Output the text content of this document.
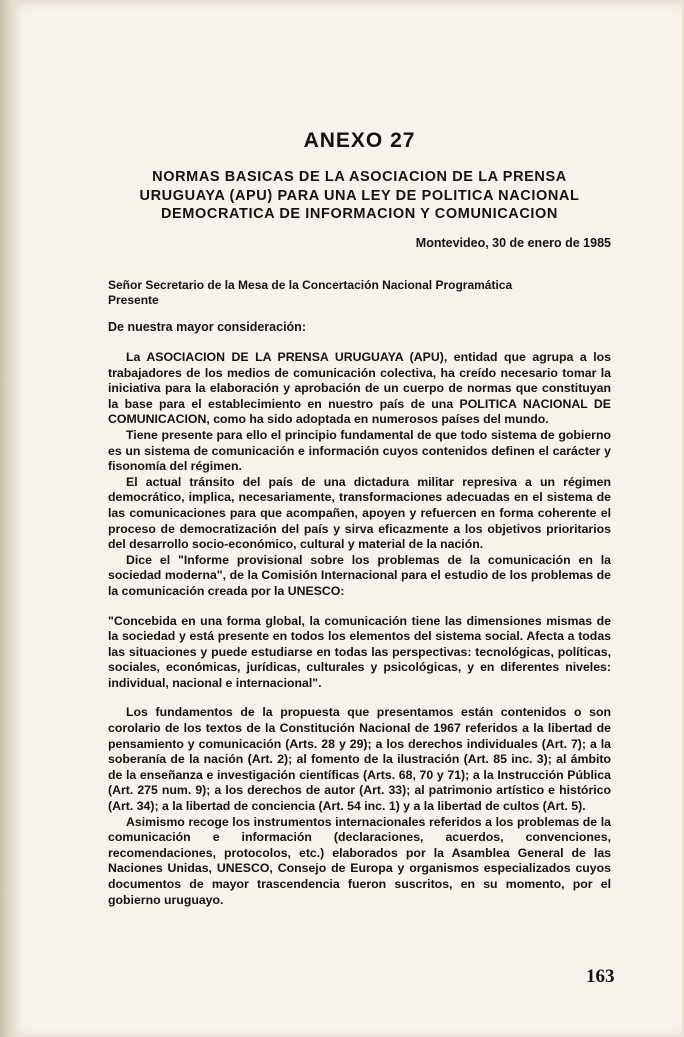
ANEXO 27
NORMAS BASICAS DE LA ASOCIACION DE LA PRENSA
URUGUAYA (APU) PARA UNA LEY DE POLITICA NACIONAL
DEMOCRATICA DE INFORMACION Y COMUNICACION

Montevideo, 30 de enero de 1985

Señor Secretario de la Mesa de la Concertación Nacional Programática
Presente

De nuestra mayor consideración:

La ASOCIACION DE LA PRENSA URUGUAYA (APU), entidad que agrupa a los trabajadores de los medios de comunicación colectiva, ha creído necesario tomar la iniciativa para la elaboración y aprobación de un cuerpo de normas que constituyan la base para el establecimiento en nuestro país de una POLITICA NACIONAL DE COMUNICACION, como ha sido adoptada en numerosos países del mundo.

Tiene presente para ello el principio fundamental de que todo sistema de gobierno es un sistema de comunicación e información cuyos contenidos definen el carácter y fisonomía del régimen.

El actual tránsito del país de una dictadura militar represiva a un régimen democrático, implica, necesariamente, transformaciones adecuadas en el sistema de las comunicaciones para que acompañen, apoyen y refuercen en forma coherente el proceso de democratización del país y sirva eficazmente a los objetivos prioritarios del desarrollo socio-económico, cultural y material de la nación.

Dice el "Informe provisional sobre los problemas de la comunicación en la sociedad moderna", de la Comisión Internacional para el estudio de los problemas de la comunicación creada por la UNESCO:

"Concebida en una forma global, la comunicación tiene las dimensiones mismas de la sociedad y está presente en todos los elementos del sistema social. Afecta a todas las situaciones y puede estudiarse en todas las perspectivas: tecnológicas, políticas, sociales, económicas, jurídicas, culturales y psicológicas, y en diferentes niveles: individual, nacional e internacional".

Los fundamentos de la propuesta que presentamos están contenidos o son corolario de los textos de la Constitución Nacional de 1967 referidos a la libertad de pensamiento y comunicación (Arts. 28 y 29); a los derechos individuales (Art. 7); a la soberanía de la nación (Art. 2); al fomento de la ilustración (Art. 85 inc. 3); al ámbito de la enseñanza e investigación científicas (Arts. 68, 70 y 71); a la Instrucción Pública (Art. 275 num. 9); a los derechos de autor (Art. 33); al patrimonio artístico e histórico (Art. 34); a la libertad de conciencia (Art. 54 inc. 1) y a la libertad de cultos (Art. 5).

Asimismo recoge los instrumentos internacionales referidos a los problemas de la comunicación e información (declaraciones, acuerdos, convenciones, recomendaciones, protocolos, etc.) elaborados por la Asamblea General de las Naciones Unidas, UNESCO, Consejo de Europa y organismos especializados cuyos documentos de mayor trascendencia fueron suscritos, en su momento, por el gobierno uruguayo.

163
